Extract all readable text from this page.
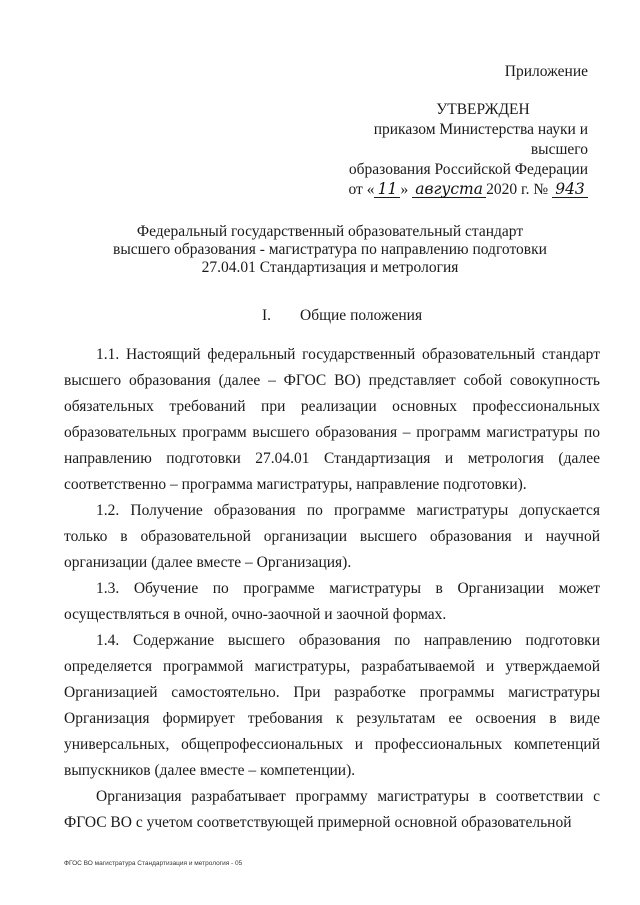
Приложение
УТВЕРЖДЕН
приказом Министерства науки и высшего
образования Российской Федерации
от « 11 » августа 2020 г. № 943
Федеральный государственный образовательный стандарт
высшего образования - магистратура по направлению подготовки
27.04.01 Стандартизация и метрология
I. Общие положения

1.1. Настоящий федеральный государственный образовательный стандарт высшего образования (далее – ФГОС ВО) представляет собой совокупность обязательных требований при реализации основных профессиональных образовательных программ высшего образования – программ магистратуры по направлению подготовки 27.04.01 Стандартизация и метрология (далее соответственно – программа магистратуры, направление подготовки).

1.2. Получение образования по программе магистратуры допускается только в образовательной организации высшего образования и научной организации (далее вместе – Организация).

1.3. Обучение по программе магистратуры в Организации может осуществляться в очной, очно-заочной и заочной формах.

1.4. Содержание высшего образования по направлению подготовки определяется программой магистратуры, разрабатываемой и утверждаемой Организацией самостоятельно. При разработке программы магистратуры Организация формирует требования к результатам ее освоения в виде универсальных, общепрофессиональных и профессиональных компетенций выпускников (далее вместе – компетенции).

Организация разрабатывает программу магистратуры в соответствии с ФГОС ВО с учетом соответствующей примерной основной образовательной

ФГОС ВО магистратура Стандартизация и метрология - 05
